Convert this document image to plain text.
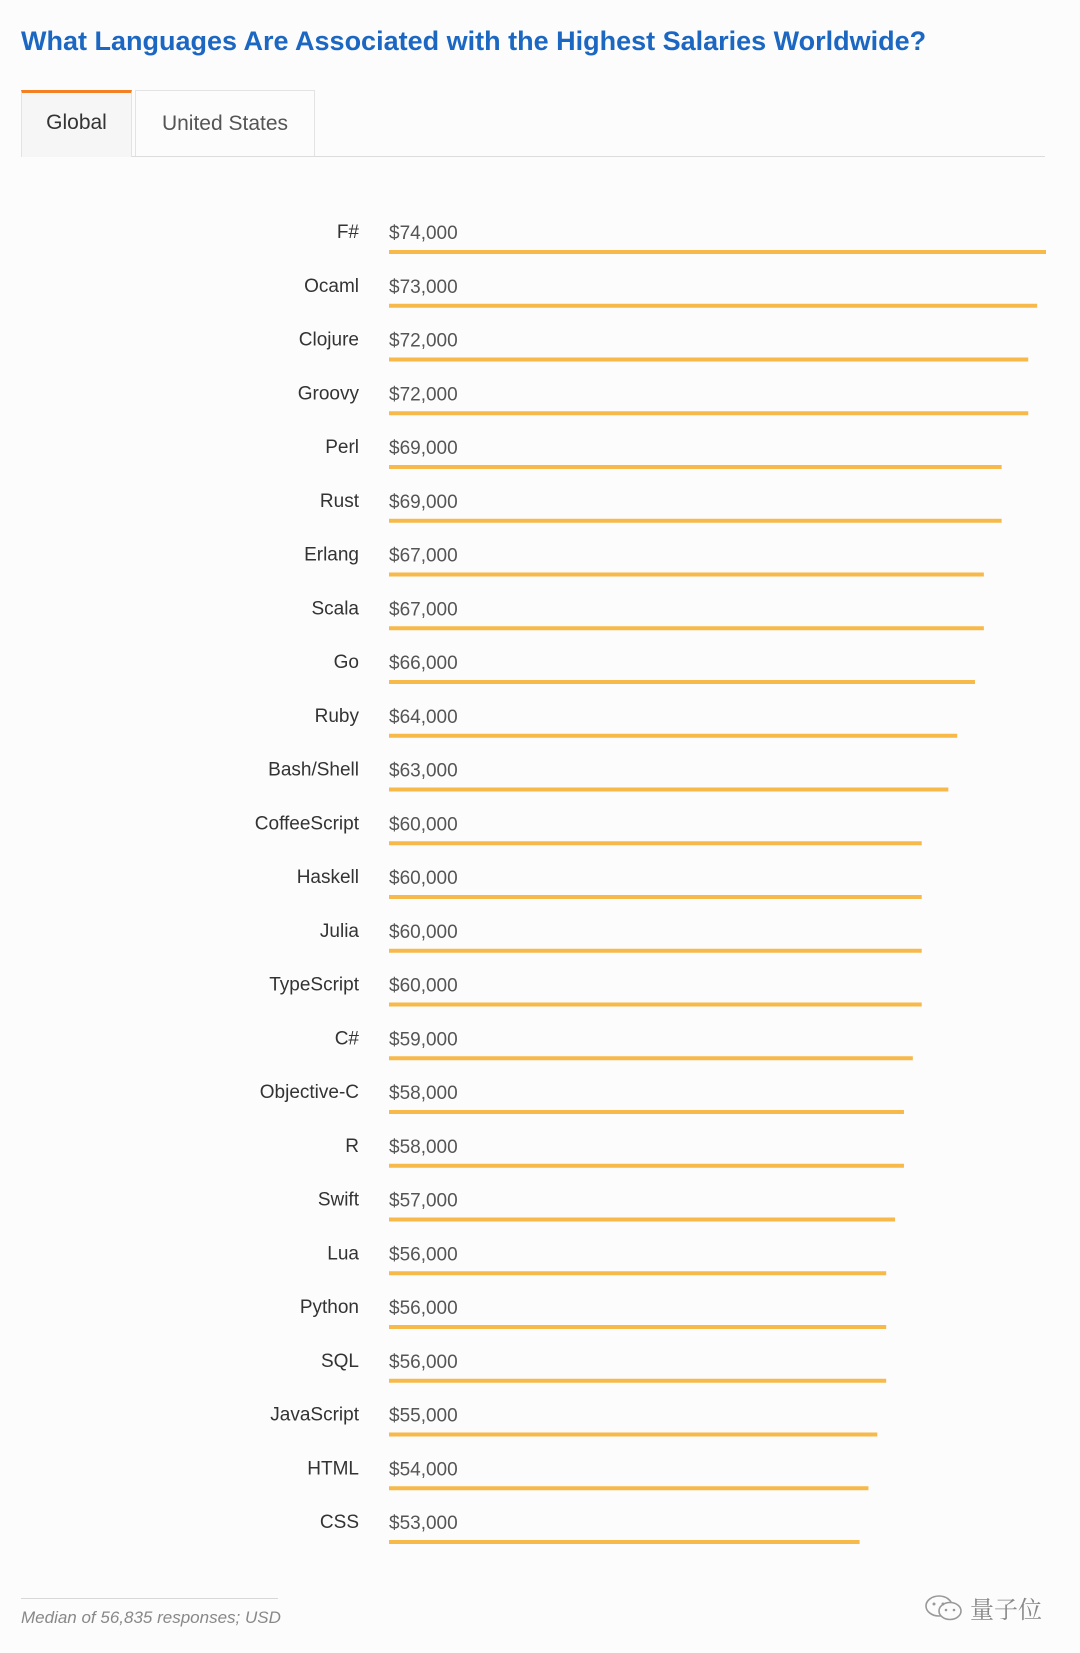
What Languages Are Associated with the Highest Salaries Worldwide?
Global	United States
F# $74,000
Ocaml $73,000
Clojure $72,000
Groovy $72,000
Perl $69,000
Rust $69,000
Erlang $67,000
Scala $67,000
Go $66,000
Ruby $64,000
Bash/Shell $63,000
CoffeeScript $60,000
Haskell $60,000
Julia $60,000
TypeScript $60,000
C# $59,000
Objective-C $58,000
R $58,000
Swift $57,000
Lua $56,000
Python $56,000
SQL $56,000
JavaScript $55,000
HTML $54,000
CSS $53,000
Median of 56,835 responses; USD	量子位
